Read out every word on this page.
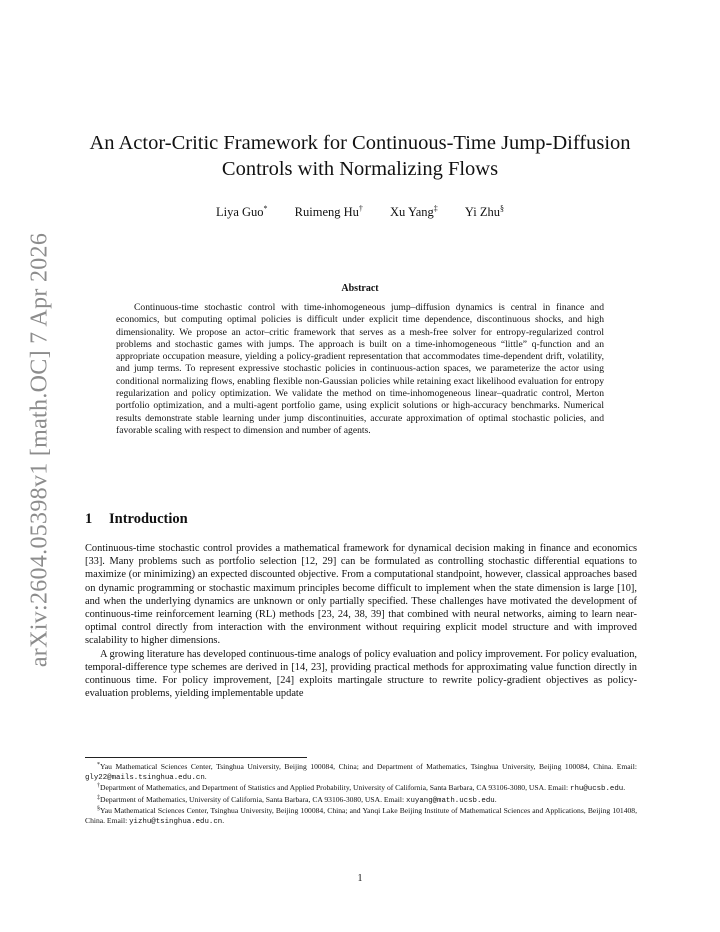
arXiv:2604.05398v1 [math.OC] 7 Apr 2026
An Actor-Critic Framework for Continuous-Time Jump-Diffusion
Controls with Normalizing Flows
Liya Guo* Ruimeng Hu† Xu Yang‡ Yi Zhu§
Abstract

Continuous-time stochastic control with time-inhomogeneous jump–diffusion dynamics is central in finance and economics, but computing optimal policies is difficult under explicit time dependence, discontinuous shocks, and high dimensionality. We propose an actor–critic framework that serves as a mesh-free solver for entropy-regularized control problems and stochastic games with jumps. The approach is built on a time-inhomogeneous “little” q-function and an appropriate occupation measure, yielding a policy-gradient representation that accommodates time-dependent drift, volatility, and jump terms. To represent expressive stochastic policies in continuous-action spaces, we parameterize the actor using conditional normalizing flows, enabling flexible non-Gaussian policies while retaining exact likelihood evaluation for entropy regularization and policy optimization. We validate the method on time-inhomogeneous linear–quadratic control, Merton portfolio optimization, and a multi-agent portfolio game, using explicit solutions or high-accuracy benchmarks. Numerical results demonstrate stable learning under jump discontinuities, accurate approximation of optimal stochastic policies, and favorable scaling with respect to dimension and number of agents.

1 Introduction

Continuous-time stochastic control provides a mathematical framework for dynamical decision making in finance and economics [33]. Many problems such as portfolio selection [12, 29] can be formulated as controlling stochastic differential equations to maximize (or minimizing) an expected discounted objective. From a computational standpoint, however, classical approaches based on dynamic programming or stochastic maximum principles become difficult to implement when the state dimension is large [10], and when the underlying dynamics are unknown or only partially specified. These challenges have motivated the development of continuous-time reinforcement learning (RL) methods [23, 24, 38, 39] that combined with neural networks, aiming to learn near-optimal control directly from interaction with the environment without requiring explicit model structure and with improved scalability to higher dimensions.

A growing literature has developed continuous-time analogs of policy evaluation and policy improvement. For policy evaluation, temporal-difference type schemes are derived in [14, 23], providing practical methods for approximating value function directly in continuous time. For policy improvement, [24] exploits martingale structure to rewrite policy-gradient objectives as policy-evaluation problems, yielding implementable update

*Yau Mathematical Sciences Center, Tsinghua University, Beijing 100084, China; and Department of Mathematics, Tsinghua University, Beijing 100084, China. Email: gly22@mails.tsinghua.edu.cn.

†Department of Mathematics, and Department of Statistics and Applied Probability, University of California, Santa Barbara, CA 93106-3080, USA. Email: rhu@ucsb.edu.

‡Department of Mathematics, University of California, Santa Barbara, CA 93106-3080, USA. Email: xuyang@math.ucsb.edu.

§Yau Mathematical Sciences Center, Tsinghua University, Beijing 100084, China; and Yanqi Lake Beijing Institute of Mathematical Sciences and Applications, Beijing 101408, China. Email: yizhu@tsinghua.edu.cn.

1
